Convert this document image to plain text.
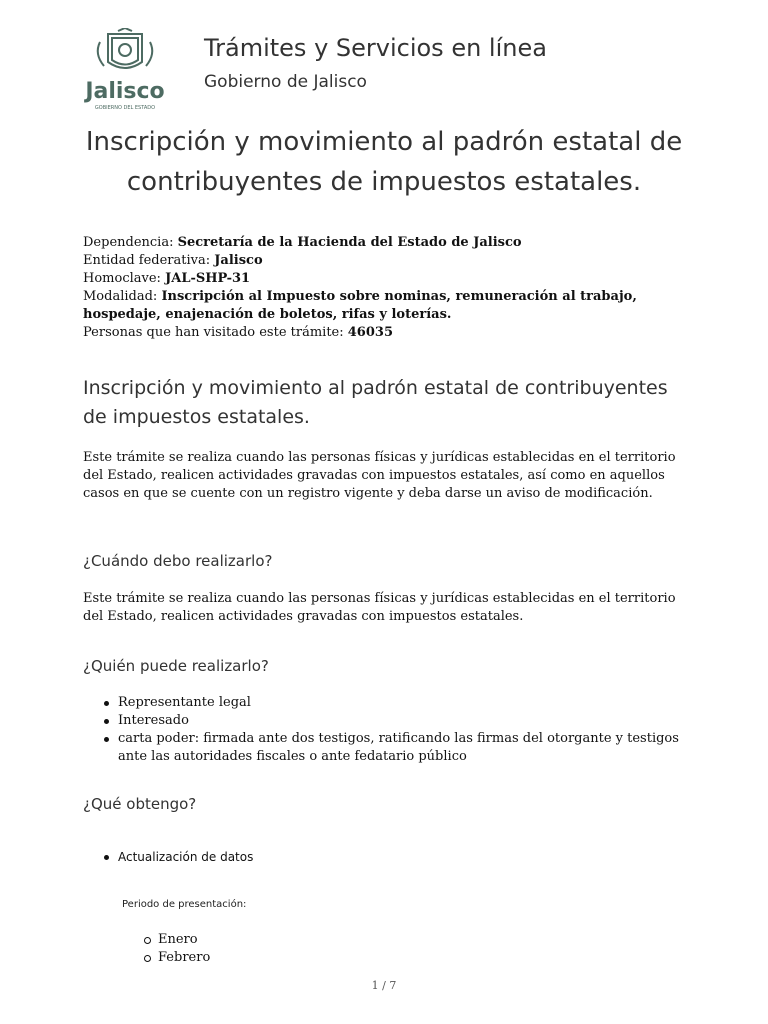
Jalisco
GOBIERNO DEL ESTADO
Trámites y Servicios en línea
Gobierno de Jalisco
Inscripción y movimiento al padrón estatal de contribuyentes de impuestos estatales.
Dependencia: Secretaría de la Hacienda del Estado de Jalisco
Entidad federativa: Jalisco
Homoclave: JAL-SHP-31
Modalidad: Inscripción al Impuesto sobre nominas, remuneración al trabajo, hospedaje, enajenación de boletos, rifas y loterías.
Personas que han visitado este trámite: 46035
Inscripción y movimiento al padrón estatal de contribuyentes de impuestos estatales.
Este trámite se realiza cuando las personas físicas y jurídicas establecidas en el territorio del Estado, realicen actividades gravadas con impuestos estatales, así como en aquellos casos en que se cuente con un registro vigente y deba darse un aviso de modificación.
¿Cuándo debo realizarlo?
Este trámite se realiza cuando las personas físicas y jurídicas establecidas en el territorio del Estado, realicen actividades gravadas con impuestos estatales.
¿Quién puede realizarlo?
Representante legal
Interesado
carta poder: firmada ante dos testigos, ratificando las firmas del otorgante y testigos ante las autoridades fiscales o ante fedatario público
¿Qué obtengo?
Actualización de datos
Periodo de presentación:
Enero
Febrero
1 / 7
